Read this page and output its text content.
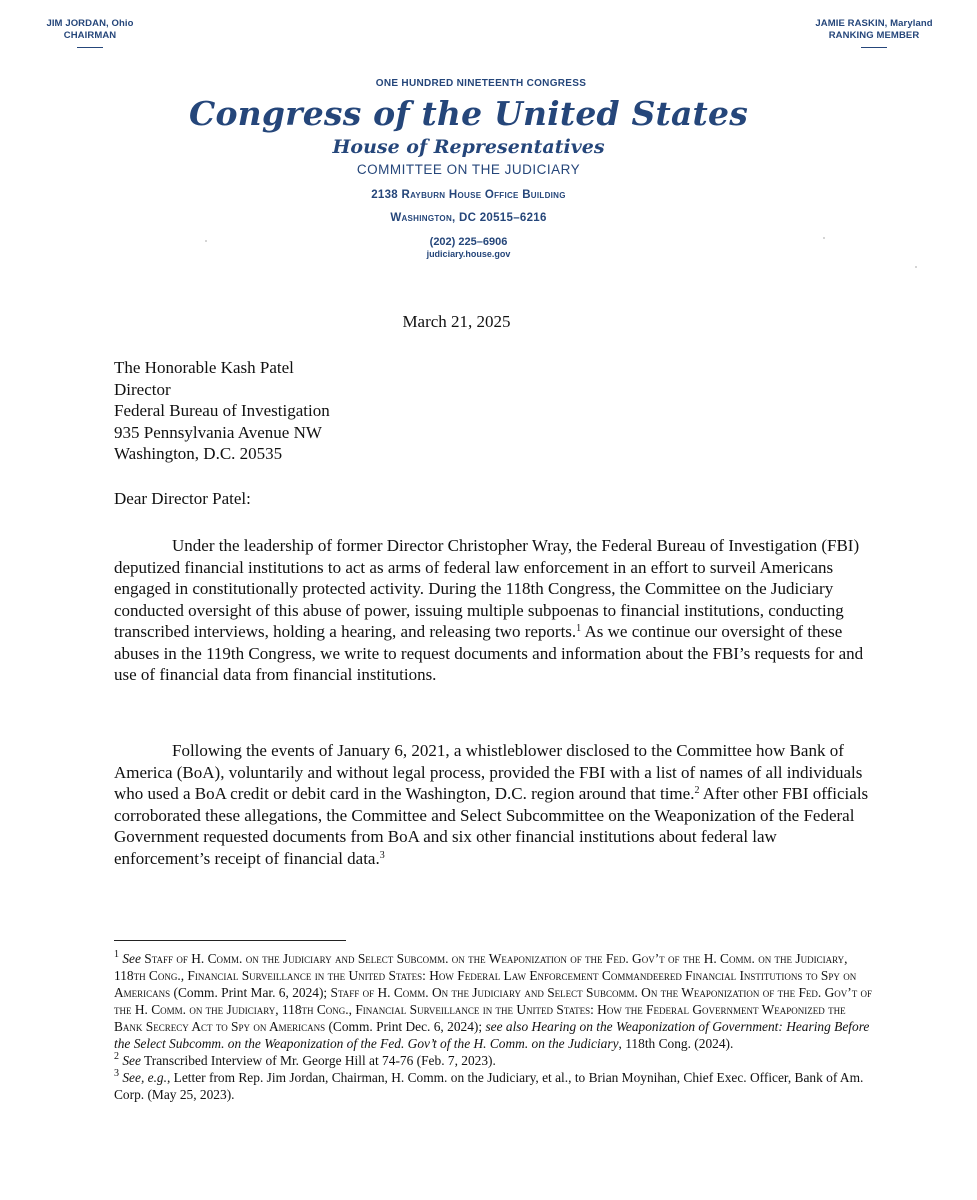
JIM JORDAN, Ohio
CHAIRMAN
JAMIE RASKIN, Maryland
RANKING MEMBER
ONE HUNDRED NINETEENTH CONGRESS
Congress of the United States
House of Representatives
COMMITTEE ON THE JUDICIARY
2138 Rayburn House Office Building
Washington, DC 20515–6216
(202) 225–6906
judiciary.house.gov
March 21, 2025
The Honorable Kash Patel
Director
Federal Bureau of Investigation
935 Pennsylvania Avenue NW
Washington, D.C. 20535
Dear Director Patel:

Under the leadership of former Director Christopher Wray, the Federal Bureau of Investigation (FBI) deputized financial institutions to act as arms of federal law enforcement in an effort to surveil Americans engaged in constitutionally protected activity. During the 118th Congress, the Committee on the Judiciary conducted oversight of this abuse of power, issuing multiple subpoenas to financial institutions, conducting transcribed interviews, holding a hearing, and releasing two reports.$^1$ As we continue our oversight of these abuses in the 119th Congress, we write to request documents and information about the FBI’s requests for and use of financial data from financial institutions.

Following the events of January 6, 2021, a whistleblower disclosed to the Committee how Bank of America (BoA), voluntarily and without legal process, provided the FBI with a list of names of all individuals who used a BoA credit or debit card in the Washington, D.C. region around that time.$^2$ After other FBI officials corroborated these allegations, the Committee and Select Subcommittee on the Weaponization of the Federal Government requested documents from BoA and six other financial institutions about federal law enforcement’s receipt of financial data.$^3$

$^1$ See Staff of H. Comm. on the Judiciary and Select Subcomm. on the Weaponization of the Fed. Gov’t of the H. Comm. on the Judiciary, 118th Cong., Financial Surveillance in the United States: How Federal Law Enforcement Commandeered Financial Institutions to Spy on Americans (Comm. Print Mar. 6, 2024); Staff of H. Comm. On the Judiciary and Select Subcomm. On the Weaponization of the Fed. Gov’t of the H. Comm. on the Judiciary, 118th Cong., Financial Surveillance in the United States: How the Federal Government Weaponized the Bank Secrecy Act to Spy on Americans (Comm. Print Dec. 6, 2024); see also Hearing on the Weaponization of Government: Hearing Before the Select Subcomm. on the Weaponization of the Fed. Gov’t of the H. Comm. on the Judiciary, 118th Cong. (2024).

$^2$ See Transcribed Interview of Mr. George Hill at 74-76 (Feb. 7, 2023).

$^3$ See, e.g., Letter from Rep. Jim Jordan, Chairman, H. Comm. on the Judiciary, et al., to Brian Moynihan, Chief Exec. Officer, Bank of Am. Corp. (May 25, 2023).
